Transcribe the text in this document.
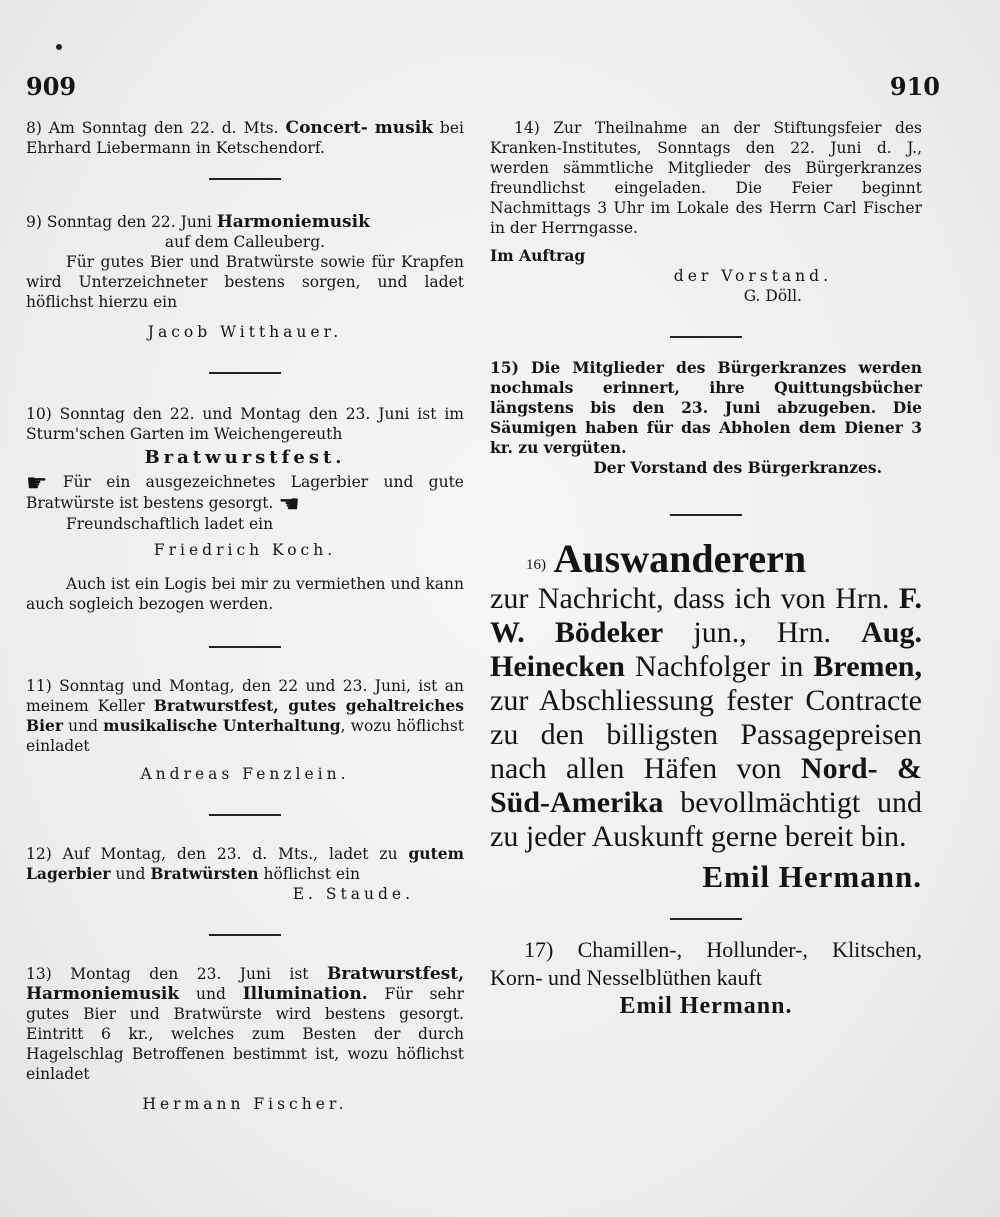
909	910

8) Am Sonntag den 22. d. Mts. Concert- musik bei Ehrhard Liebermann in Ketschendorf.

9) Sonntag den 22. Juni Harmoniemusik

auf dem Calleuberg.

Für gutes Bier und Bratwürste sowie für Krapfen wird Unterzeichneter bestens sorgen, und ladet höflichst hierzu ein

Jacob Witthauer.

10) Sonntag den 22. und Montag den 23. Juni ist im Sturm'schen Garten im Weichengereuth

Bratwurstfest.

☛ Für ein ausgezeichnetes Lagerbier und gute Bratwürste ist bestens gesorgt. ☚

Freundschaftlich ladet ein

Friedrich Koch.

Auch ist ein Logis bei mir zu vermiethen und kann auch sogleich bezogen werden.

11) Sonntag und Montag, den 22 und 23. Juni, ist an meinem Keller Bratwurstfest, gutes gehaltreiches Bier und musikalische Unterhaltung, wozu höflichst einladet

Andreas Fenzlein.

12) Auf Montag, den 23. d. Mts., ladet zu gutem Lagerbier und Bratwürsten höflichst ein

E. Staude.

13) Montag den 23. Juni ist Bratwurstfest, Harmoniemusik und Illumination. Für sehr gutes Bier und Bratwürste wird bestens gesorgt. Eintritt 6 kr., welches zum Besten der durch Hagelschlag Betroffenen bestimmt ist, wozu höflichst einladet

Hermann Fischer.

14) Zur Theilnahme an der Stiftungsfeier des Kranken-Institutes, Sonntags den 22. Juni d. J., werden sämmtliche Mitglieder des Bürgerkranzes freundlichst eingeladen. Die Feier beginnt Nachmittags 3 Uhr im Lokale des Herrn Carl Fischer in der Herrngasse.

Im Auftrag

der Vorstand.

G. Döll.

15) Die Mitglieder des Bürgerkranzes werden nochmals erinnert, ihre Quittungsbücher längstens bis den 23. Juni abzugeben. Die Säumigen haben für das Abholen dem Diener 3 kr. zu vergüten.

Der Vorstand des Bürgerkranzes.

16) Auswanderern
zur Nachricht, dass ich von Hrn. F. W. Bödeker jun., Hrn. Aug. Heinecken Nachfolger in Bremen, zur Abschliessung fester Contracte zu den billigsten Passagepreisen nach allen Häfen von Nord- & Süd-Amerika bevollmächtigt und zu jeder Auskunft gerne bereit bin.
Emil Hermann.
17) Chamillen-, Hollunder-, Klitschen, Korn- und Nesselblüthen kauft
Emil Hermann.
